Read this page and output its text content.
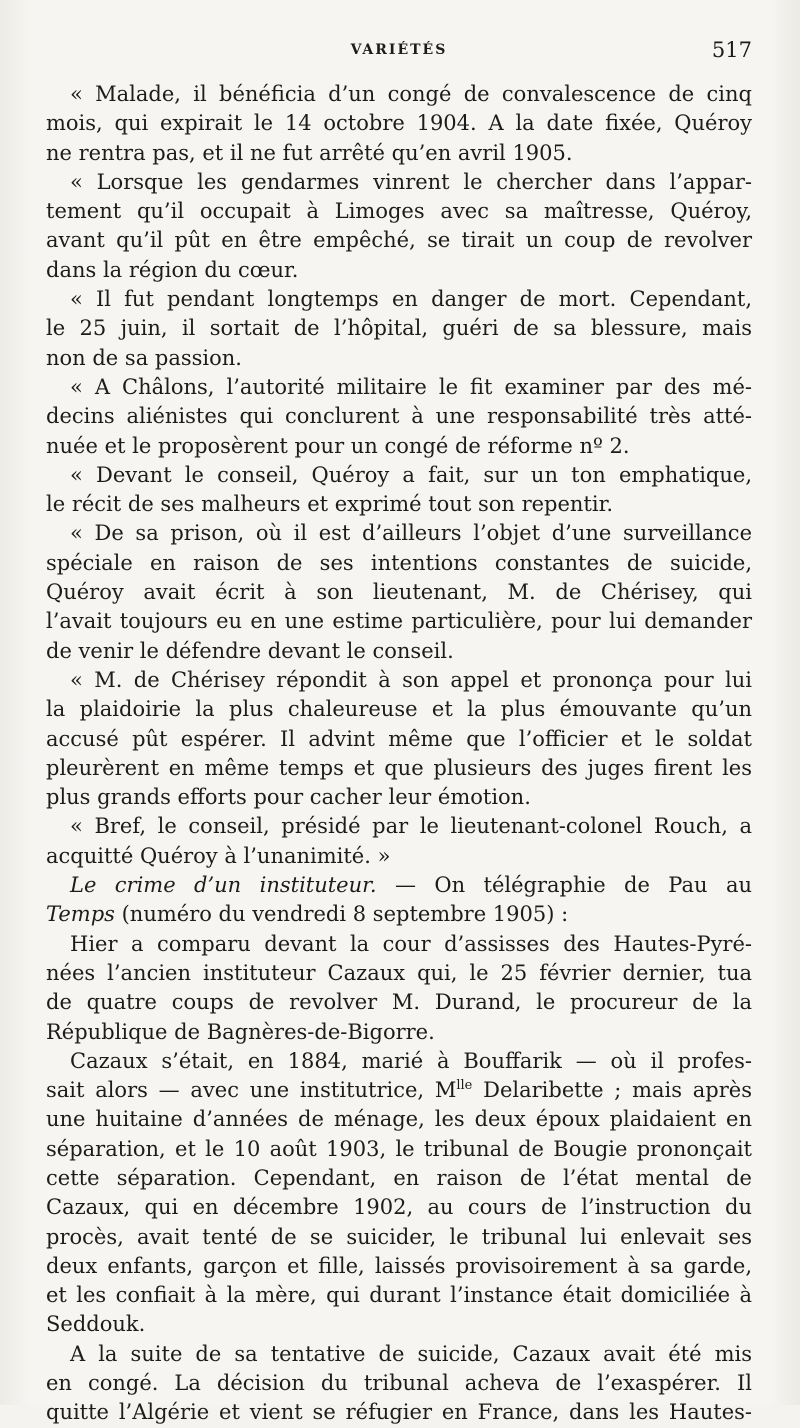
VARIÉTÉS	517
« Malade, il bénéficia d’un congé de convalescence de cinq
mois, qui expirait le 14 octobre 1904. A la date fixée, Quéroy
ne rentra pas, et il ne fut arrêté qu’en avril 1905.
« Lorsque les gendarmes vinrent le chercher dans l’appar-
tement qu’il occupait à Limoges avec sa maîtresse, Quéroy,
avant qu’il pût en être empêché, se tirait un coup de revolver
dans la région du cœur.
« Il fut pendant longtemps en danger de mort. Cependant,
le 25 juin, il sortait de l’hôpital, guéri de sa blessure, mais
non de sa passion.
« A Châlons, l’autorité militaire le fit examiner par des mé-
decins aliénistes qui conclurent à une responsabilité très atté-
nuée et le proposèrent pour un congé de réforme nº 2.
« Devant le conseil, Quéroy a fait, sur un ton emphatique,
le récit de ses malheurs et exprimé tout son repentir.
« De sa prison, où il est d’ailleurs l’objet d’une surveillance
spéciale en raison de ses intentions constantes de suicide,
Quéroy avait écrit à son lieutenant, M. de Chérisey, qui
l’avait toujours eu en une estime particulière, pour lui demander
de venir le défendre devant le conseil.
« M. de Chérisey répondit à son appel et prononça pour lui
la plaidoirie la plus chaleureuse et la plus émouvante qu’un
accusé pût espérer. Il advint même que l’officier et le soldat
pleurèrent en même temps et que plusieurs des juges firent les
plus grands efforts pour cacher leur émotion.
« Bref, le conseil, présidé par le lieutenant-colonel Rouch, a
acquitté Quéroy à l’unanimité. »
Le crime d’un instituteur. — On télégraphie de Pau au
Temps (numéro du vendredi 8 septembre 1905) :
Hier a comparu devant la cour d’assisses des Hautes-Pyré-
nées l’ancien instituteur Cazaux qui, le 25 février dernier, tua
de quatre coups de revolver M. Durand, le procureur de la
République de Bagnères-de-Bigorre.
Cazaux s’était, en 1884, marié à Bouffarik — où il profes-
sait alors — avec une institutrice, $M^{lle}$ Delaribette ; mais après
une huitaine d’années de ménage, les deux époux plaidaient en
séparation, et le 10 août 1903, le tribunal de Bougie prononçait
cette séparation. Cependant, en raison de l’état mental de
Cazaux, qui en décembre 1902, au cours de l’instruction du
procès, avait tenté de se suicider, le tribunal lui enlevait ses
deux enfants, garçon et fille, laissés provisoirement à sa garde,
et les confiait à la mère, qui durant l’instance était domiciliée à
Seddouk.
A la suite de sa tentative de suicide, Cazaux avait été mis
en congé. La décision du tribunal acheva de l’exaspérer. Il
quitte l’Algérie et vient se réfugier en France, dans les Hautes-
